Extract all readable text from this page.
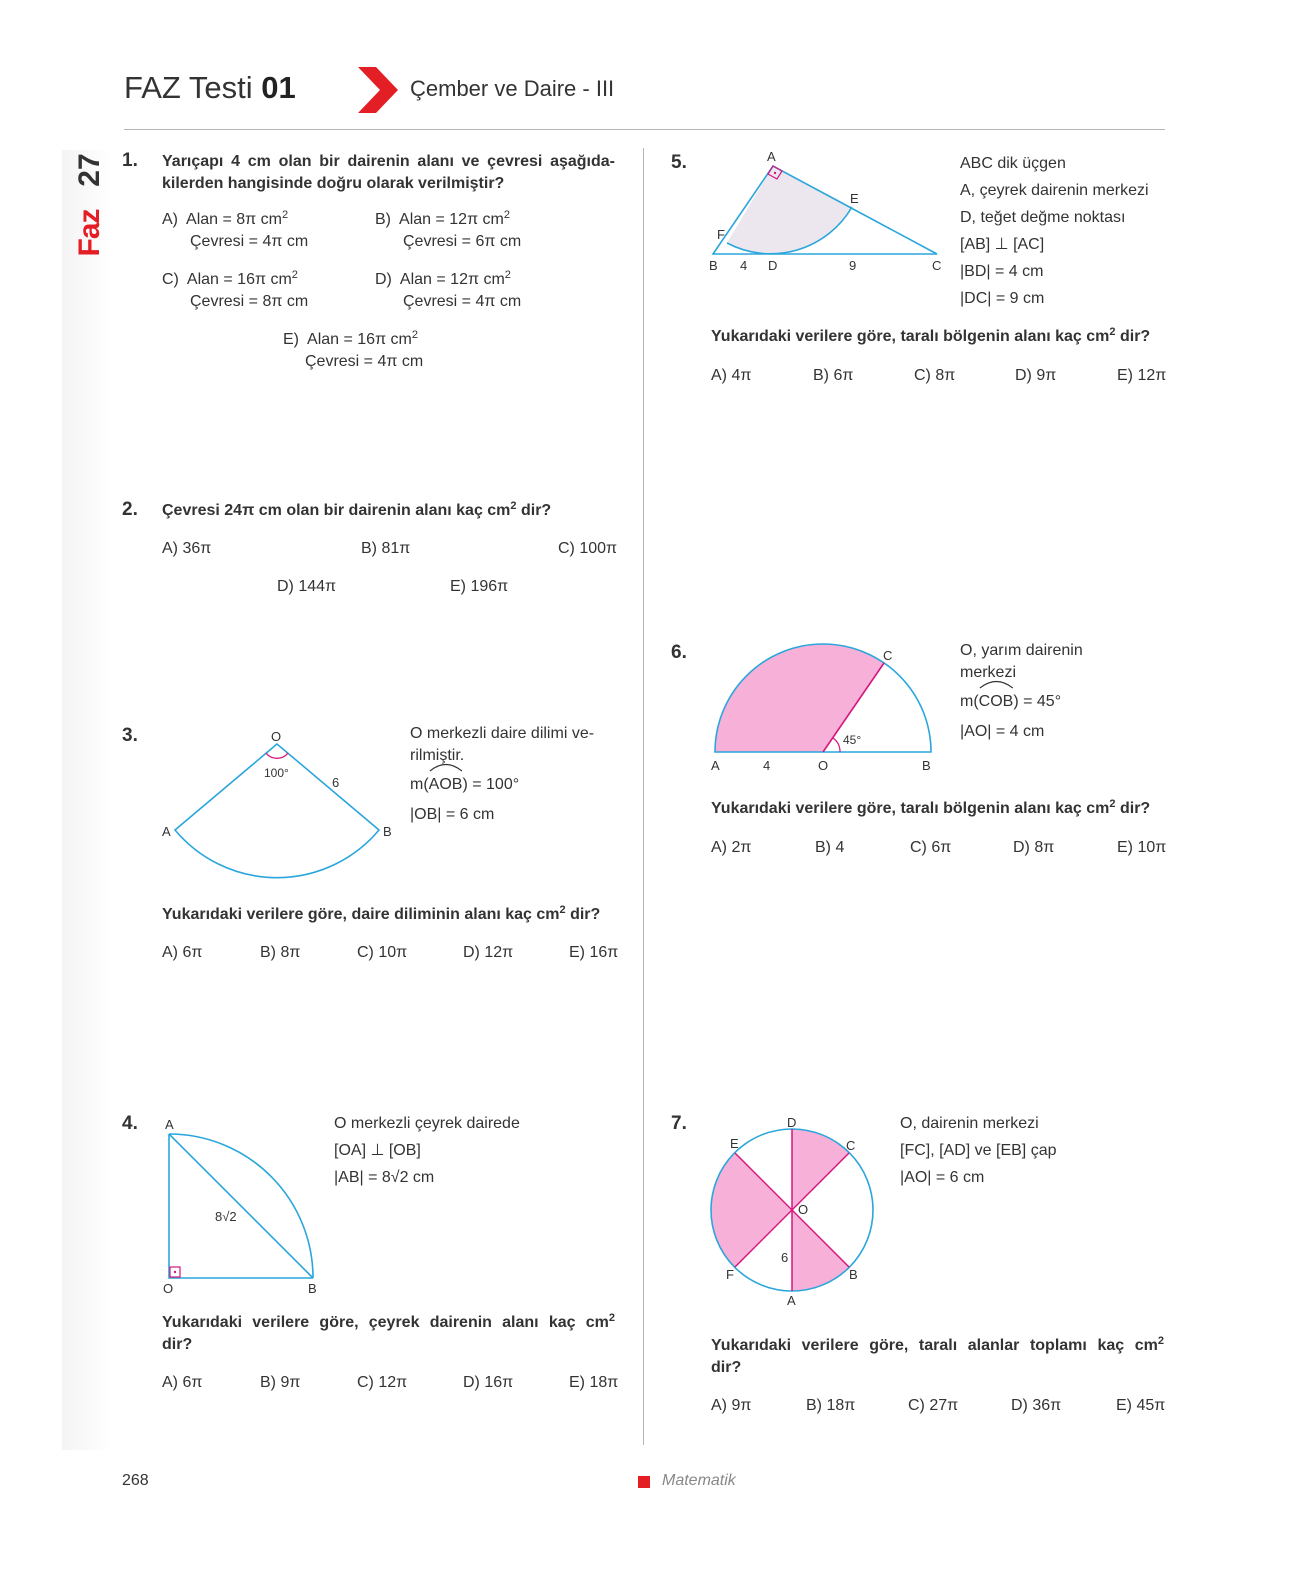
27
Faz
FAZ Testi 01	Çember ve Daire - III
1. Yarıçapı 4 cm olan bir dairenin alanı ve çevresi aşağıda-
kilerden hangisinde doğru olarak verilmiştir?
A) Alan = 8π $cm^2$
Çevresi = 4π cm
B) Alan = 12π $cm^2$
Çevresi = 6π cm
C) Alan = 16π $cm^2$
Çevresi = 8π cm
D) Alan = 12π $cm^2$
Çevresi = 4π cm
E) Alan = 16π $cm^2$
Çevresi = 4π cm
2. Çevresi 24π cm olan bir dairenin alanı kaç $cm^2$ dir?
A) 36π	B) 81π	C) 100π
D) 144π	E) 196π
3.	O
A	B
100°
6
O merkezli daire dilimi ve-
rilmiştir.
m(
AOB) = 100°
|OB| = 6 cm
Yukarıdaki verilere göre, daire diliminin alanı kaç $cm^2$ dir?
A) 6π	B) 8π	C) 10π	D) 12π	E) 16π
4. A
O	B
8√2
O merkezli çeyrek dairede
[OA] ⊥ [OB]
|AB| = 8√2 cm
Yukarıdaki verilere göre, çeyrek dairenin alanı kaç $cm^2$
dir?
A) 6π	B) 9π	C) 12π	D) 16π	E) 18π
5.	A
E
F
B 4 D	9	C
ABC dik üçgen
A, çeyrek dairenin merkezi
D, teğet değme noktası
[AB] ⊥ [AC]
|BD| = 4 cm
|DC| = 9 cm
Yukarıdaki verilere göre, taralı bölgenin alanı kaç $cm^2$ dir?
A) 4π	B) 6π	C) 8π	D) 9π	E) 12π
6.	C
45°
A	4	O	B
O, yarım dairenin
merkezi
m(
COB) = 45°
|AO| = 4 cm
Yukarıdaki verilere göre, taralı bölgenin alanı kaç $cm^2$ dir?
A) 2π	B) 4	C) 6π	D) 8π	E) 10π
7.	D
C
E
O
6
F	B
A
O, dairenin merkezi
[FC], [AD] ve [EB] çap
|AO| = 6 cm
Yukarıdaki verilere göre, taralı alanlar toplamı kaç $cm^2$
dir?
A) 9π	B) 18π	C) 27π	D) 36π	E) 45π
268	Matematik
